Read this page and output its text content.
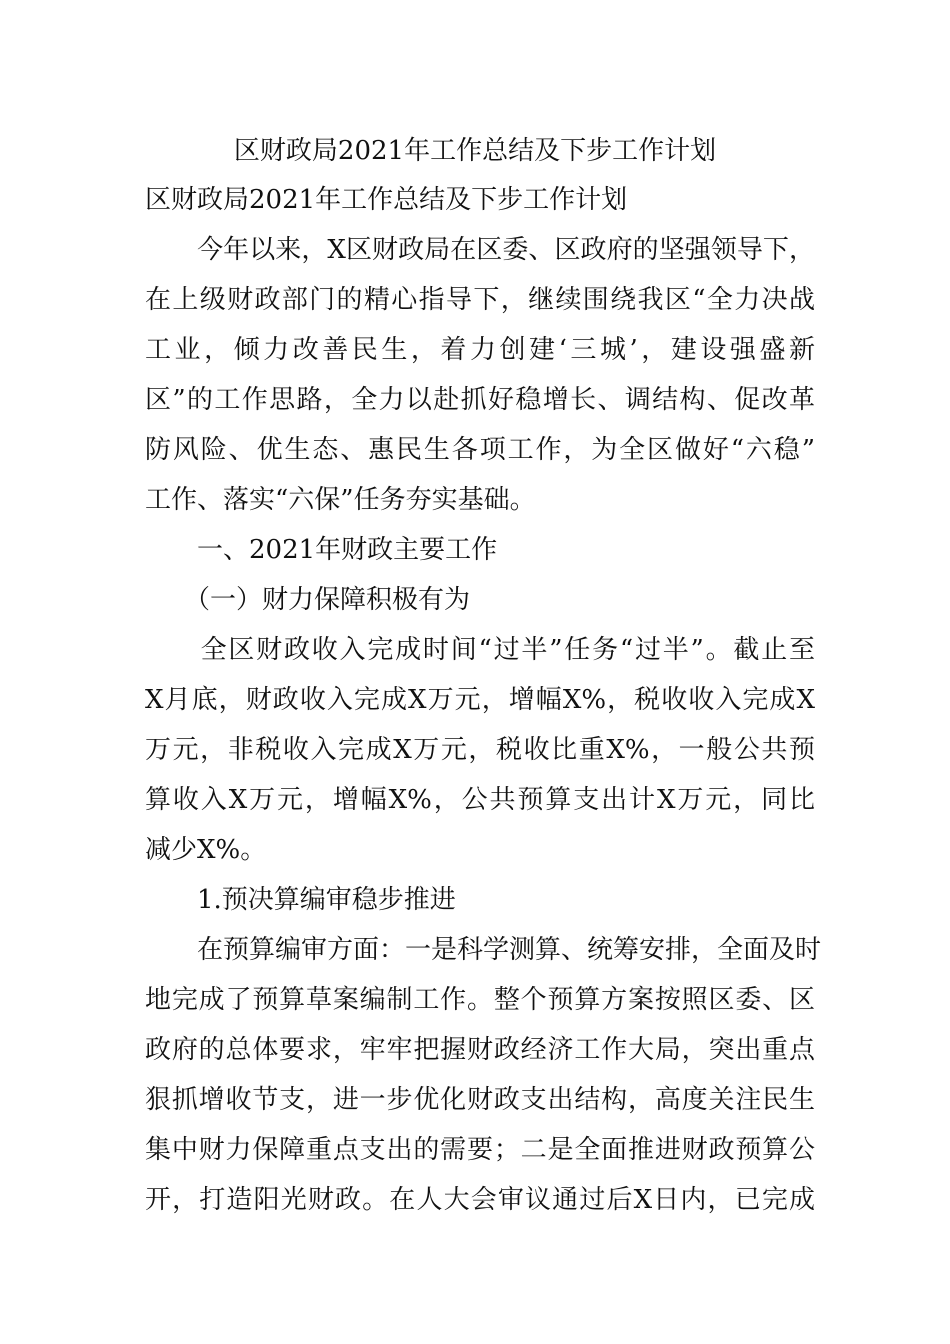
区财政局2021年工作总结及下步工作计划
区财政局2021年工作总结及下步工作计划
　　今年以来，X区财政局在区委、区政府的坚强领导下，
在上级财政部门的精心指导下，继续围绕我区“全力决战
工业，倾力改善民生，着力创建‘三城’，建设强盛新
区”的工作思路，全力以赴抓好稳增长、调结构、促改革
防风险、优生态、惠民生各项工作，为全区做好“六稳”
工作、落实“六保”任务夯实基础。
　　一、2021年财政主要工作
　　（一）财力保障积极有为
　　全区财政收入完成时间“过半”任务“过半”。截止至
X月底，财政收入完成X万元，增幅X%，税收收入完成X
万元，非税收入完成X万元，税收比重X%，一般公共预
算收入X万元，增幅X%，公共预算支出计X万元，同比
减少X%。
　　1.预决算编审稳步推进
　　在预算编审方面：一是科学测算、统筹安排，全面及时
地完成了预算草案编制工作。整个预算方案按照区委、区
政府的总体要求，牢牢把握财政经济工作大局，突出重点
狠抓增收节支，进一步优化财政支出结构，高度关注民生
集中财力保障重点支出的需要；二是全面推进财政预算公
开，打造阳光财政。在人大会审议通过后X日内，已完成
